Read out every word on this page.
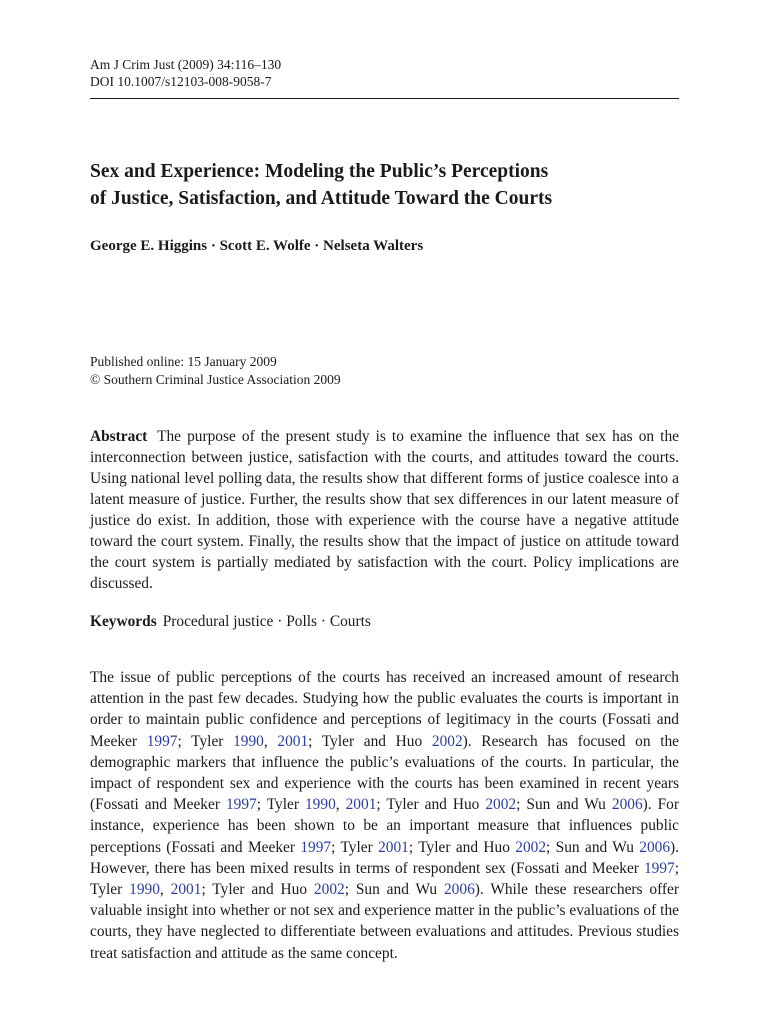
Am J Crim Just (2009) 34:116–130
DOI 10.1007/s12103-008-9058-7
Sex and Experience: Modeling the Public’s Perceptions
of Justice, Satisfaction, and Attitude Toward the Courts
George E. Higgins · Scott E. Wolfe · Nelseta Walters
Published online: 15 January 2009
© Southern Criminal Justice Association 2009

Abstract The purpose of the present study is to examine the influence that sex has on the interconnection between justice, satisfaction with the courts, and attitudes toward the courts. Using national level polling data, the results show that different forms of justice coalesce into a latent measure of justice. Further, the results show that sex differences in our latent measure of justice do exist. In addition, those with experience with the course have a negative attitude toward the court system. Finally, the results show that the impact of justice on attitude toward the court system is partially mediated by satisfaction with the court. Policy implications are discussed.

Keywords Procedural justice · Polls · Courts

The issue of public perceptions of the courts has received an increased amount of research attention in the past few decades. Studying how the public evaluates the courts is important in order to maintain public confidence and perceptions of legitimacy in the courts (Fossati and Meeker 1997; Tyler 1990, 2001; Tyler and Huo 2002). Research has focused on the demographic markers that influence the public’s evaluations of the courts. In particular, the impact of respondent sex and experience with the courts has been examined in recent years (Fossati and Meeker 1997; Tyler 1990, 2001; Tyler and Huo 2002; Sun and Wu 2006). For instance, experience has been shown to be an important measure that influences public perceptions (Fossati and Meeker 1997; Tyler 2001; Tyler and Huo 2002; Sun and Wu 2006). However, there has been mixed results in terms of respondent sex (Fossati and Meeker 1997; Tyler 1990, 2001; Tyler and Huo 2002; Sun and Wu 2006). While these researchers offer valuable insight into whether or not sex and experience matter in the public’s evaluations of the courts, they have neglected to differentiate between evaluations and attitudes. Previous studies treat satisfaction and attitude as the same concept.
